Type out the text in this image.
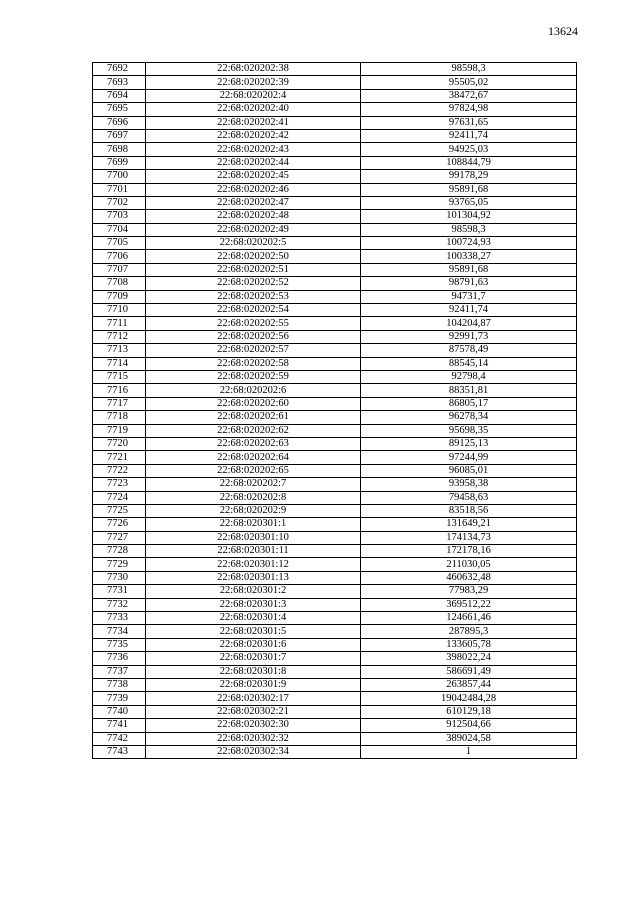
13624
7692	22:68:020202:38	98598,3
7693	22:68:020202:39	95505,02
7694	22:68:020202:4	38472,67
7695	22:68:020202:40	97824,98
7696	22:68:020202:41	97631,65
7697	22:68:020202:42	92411,74
7698	22:68:020202:43	94925,03
7699	22:68:020202:44	108844,79
7700	22:68:020202:45	99178,29
7701	22:68:020202:46	95891,68
7702	22:68:020202:47	93765,05
7703	22:68:020202:48	101304,92
7704	22:68:020202:49	98598,3
7705	22:68:020202:5	100724,93
7706	22:68:020202:50	100338,27
7707	22:68:020202:51	95891,68
7708	22:68:020202:52	98791,63
7709	22:68:020202:53	94731,7
7710	22:68:020202:54	92411,74
7711	22:68:020202:55	104204,87
7712	22:68:020202:56	92991,73
7713	22:68:020202:57	87578,49
7714	22:68:020202:58	88545,14
7715	22:68:020202:59	92798,4
7716	22:68:020202:6	88351,81
7717	22:68:020202:60	86805,17
7718	22:68:020202:61	96278,34
7719	22:68:020202:62	95698,35
7720	22:68:020202:63	89125,13
7721	22:68:020202:64	97244,99
7722	22:68:020202:65	96085,01
7723	22:68:020202:7	93958,38
7724	22:68:020202:8	79458,63
7725	22:68:020202:9	83518,56
7726	22:68:020301:1	131649,21
7727	22:68:020301:10	174134,73
7728	22:68:020301:11	172178,16
7729	22:68:020301:12	211030,05
7730	22:68:020301:13	460632,48
7731	22:68:020301:2	77983,29
7732	22:68:020301:3	369512,22
7733	22:68:020301:4	124661,46
7734	22:68:020301:5	287895,3
7735	22:68:020301:6	133605,78
7736	22:68:020301:7	398022,24
7737	22:68:020301:8	586691,49
7738	22:68:020301:9	263857,44
7739	22:68:020302:17	19042484,28
7740	22:68:020302:21	610129,18
7741	22:68:020302:30	912504,66
7742	22:68:020302:32	389024,58
7743	22:68:020302:34	1
